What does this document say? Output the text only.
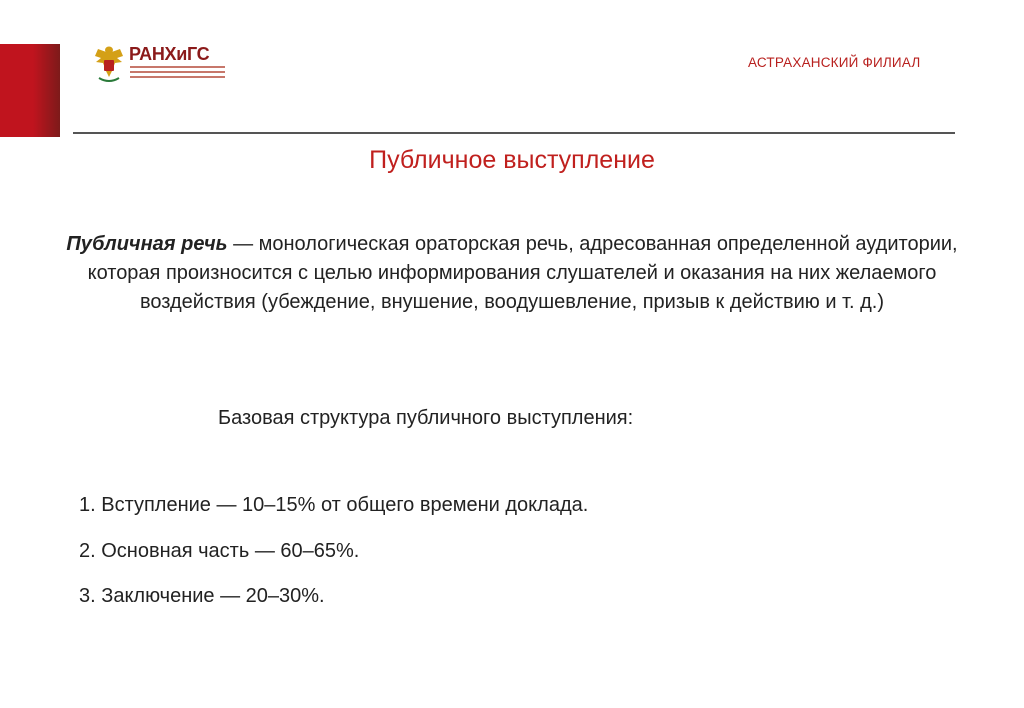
РАНХиГС	АСТРАХАНСКИЙ ФИЛИАЛ
Публичное выступление
Публичная речь — монологическая ораторская речь, адресованная определенной аудитории, которая произносится с целью информирования слушателей и оказания на них желаемого воздействия (убеждение, внушение, воодушевление, призыв к действию и т. д.)
Базовая структура публичного выступления:
1. Вступление — 10–15% от общего времени доклада.
2. Основная часть — 60–65%.
3. Заключение — 20–30%.
